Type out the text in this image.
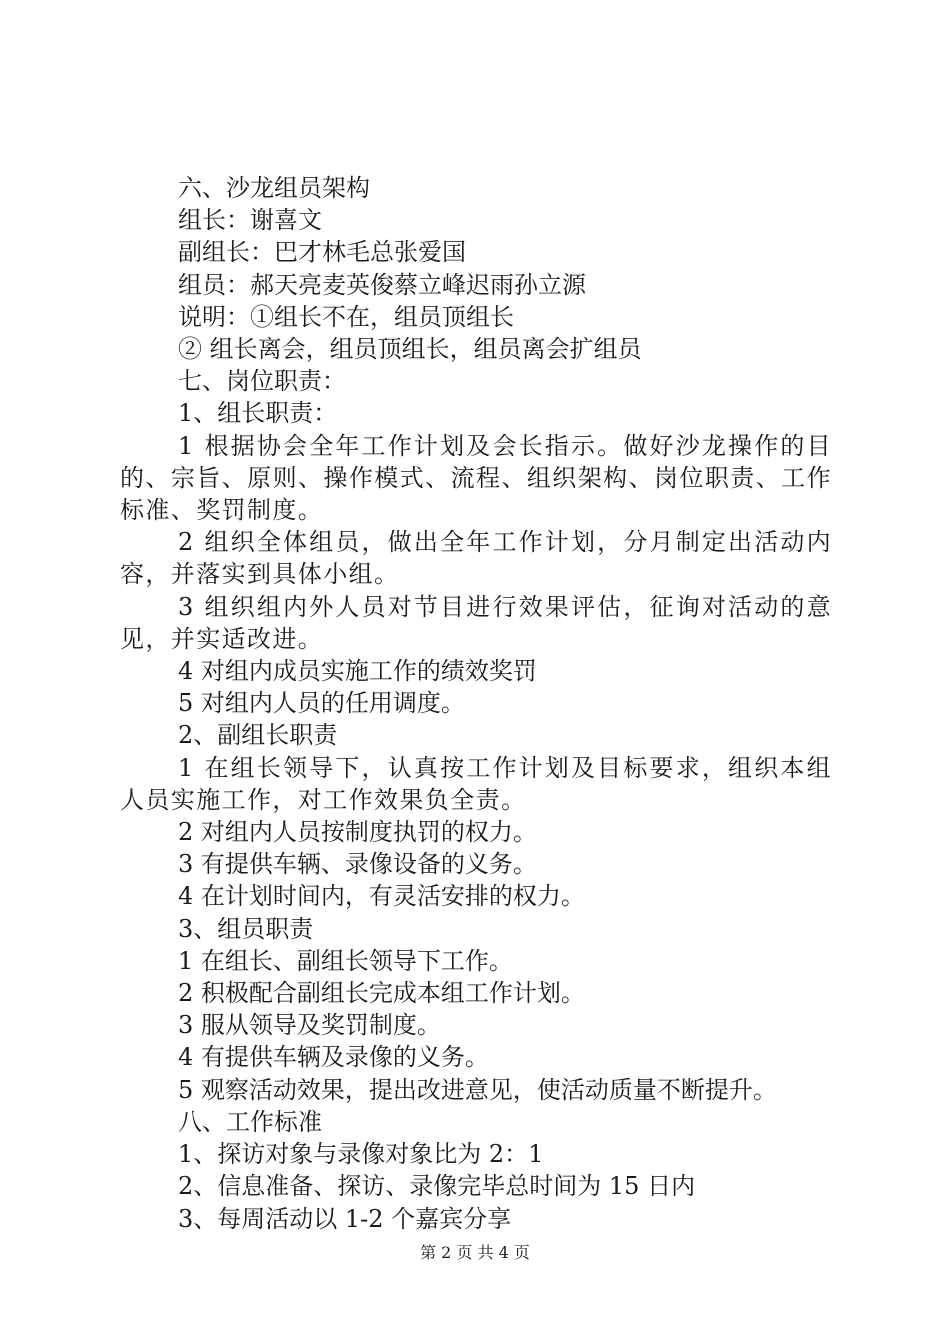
六、沙龙组员架构

组长：谢喜文

副组长：巴才林毛总张爱国

组员：郝天亮麦英俊蔡立峰迟雨孙立源

说明：①组长不在，组员顶组长

② 组长离会，组员顶组长，组员离会扩组员

七、岗位职责：

1、组长职责：

1 根据协会全年工作计划及会长指示。做好沙龙操作的目的、宗旨、原则、操作模式、流程、组织架构、岗位职责、工作标准、奖罚制度。

2 组织全体组员，做出全年工作计划，分月制定出活动内容，并落实到具体小组。

3 组织组内外人员对节目进行效果评估，征询对活动的意见，并实适改进。

4 对组内成员实施工作的绩效奖罚

5 对组内人员的任用调度。

2、副组长职责

1 在组长领导下，认真按工作计划及目标要求，组织本组人员实施工作，对工作效果负全责。

2 对组内人员按制度执罚的权力。

3 有提供车辆、录像设备的义务。

4 在计划时间内，有灵活安排的权力。

3、组员职责

1 在组长、副组长领导下工作。

2 积极配合副组长完成本组工作计划。

3 服从领导及奖罚制度。

4 有提供车辆及录像的义务。

5 观察活动效果，提出改进意见，使活动质量不断提升。

八、工作标准

1、探访对象与录像对象比为 2：1

2、信息准备、探访、录像完毕总时间为 15 日内

3、每周活动以 1-2 个嘉宾分享

第 2 页 共 4 页
